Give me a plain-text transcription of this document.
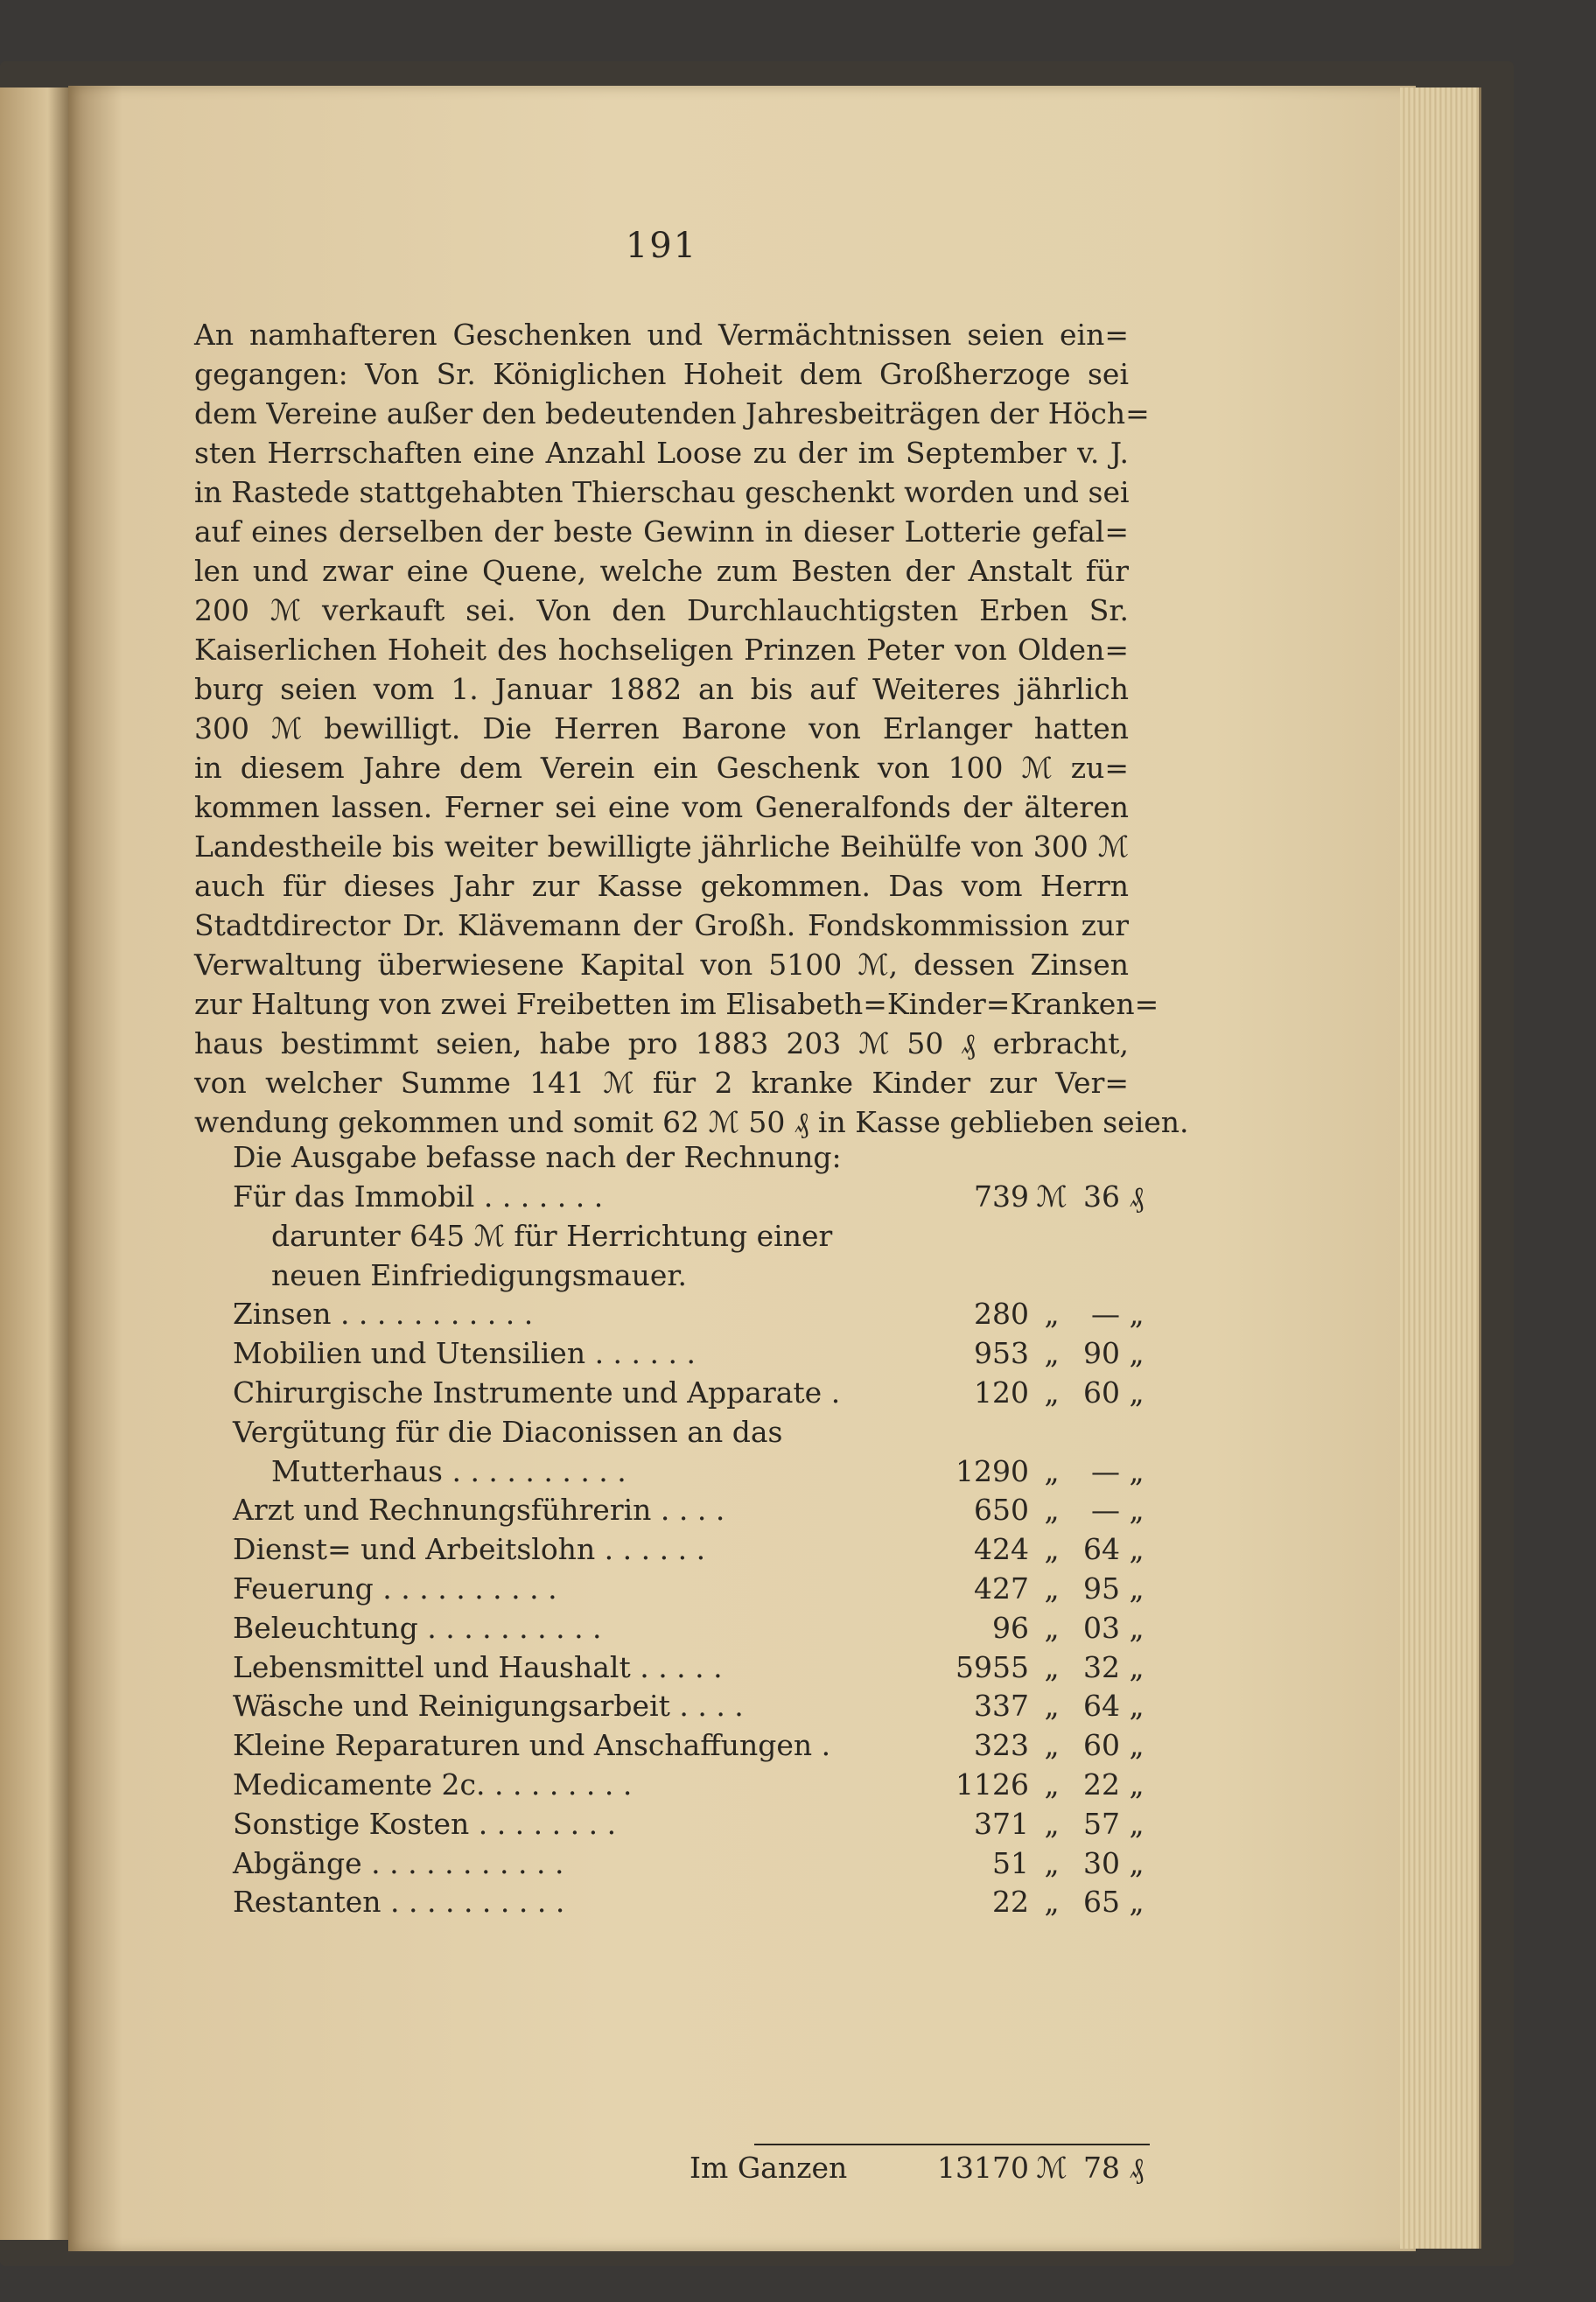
191
An namhafteren Geschenken und Vermächtnissen seien ein=
gegangen: Von Sr. Königlichen Hoheit dem Großherzoge sei
dem Vereine außer den bedeutenden Jahresbeiträgen der Höch=
sten Herrschaften eine Anzahl Loose zu der im September v. J.
in Rastede stattgehabten Thierschau geschenkt worden und sei
auf eines derselben der beste Gewinn in dieser Lotterie gefal=
len und zwar eine Quene, welche zum Besten der Anstalt für
200 ℳ verkauft sei. Von den Durchlauchtigsten Erben Sr.
Kaiserlichen Hoheit des hochseligen Prinzen Peter von Olden=
burg seien vom 1. Januar 1882 an bis auf Weiteres jährlich
300 ℳ bewilligt. Die Herren Barone von Erlanger hatten
in diesem Jahre dem Verein ein Geschenk von 100 ℳ zu=
kommen lassen. Ferner sei eine vom Generalfonds der älteren
Landestheile bis weiter bewilligte jährliche Beihülfe von 300 ℳ
auch für dieses Jahr zur Kasse gekommen. Das vom Herrn
Stadtdirector Dr. Klävemann der Großh. Fondskommission zur
Verwaltung überwiesene Kapital von 5100 ℳ, dessen Zinsen
zur Haltung von zwei Freibetten im Elisabeth=Kinder=Kranken=
haus bestimmt seien, habe pro 1883 203 ℳ 50 ₰ erbracht,
von welcher Summe 141 ℳ für 2 kranke Kinder zur Ver=
wendung gekommen und somit 62 ℳ 50 ₰ in Kasse geblieben seien.
Die Ausgabe befasse nach der Rechnung:
Für das Immobil . . . . . . .	739 ℳ 36 ₰
darunter 645 ℳ für Herrichtung einer
neuen Einfriedigungsmauer.
Zinsen . . . . . . . . . . .	280 „	— „
Mobilien und Utensilien . . . . . .	953 „ 90 „
Chirurgische Instrumente und Apparate .	120 „ 60 „
Vergütung für die Diaconissen an das
Mutterhaus . . . . . . . . . .	1290 „	— „
Arzt und Rechnungsführerin . . . .	650 „	— „
Dienst= und Arbeitslohn . . . . . .	424 „ 64 „
Feuerung . . . . . . . . . .	427 „ 95 „
Beleuchtung . . . . . . . . . .	96 „ 03 „
Lebensmittel und Haushalt . . . . .	5955 „ 32 „
Wäsche und Reinigungsarbeit . . . .	337 „ 64 „
Kleine Reparaturen und Anschaffungen .	323 „ 60 „
Medicamente 2c. . . . . . . . .	1126 „ 22 „
Sonstige Kosten . . . . . . . .	371 „ 57 „
Abgänge . . . . . . . . . . .	51 „ 30 „
Restanten . . . . . . . . . .	22 „ 65 „
Im Ganzen	13170 ℳ 78 ₰
